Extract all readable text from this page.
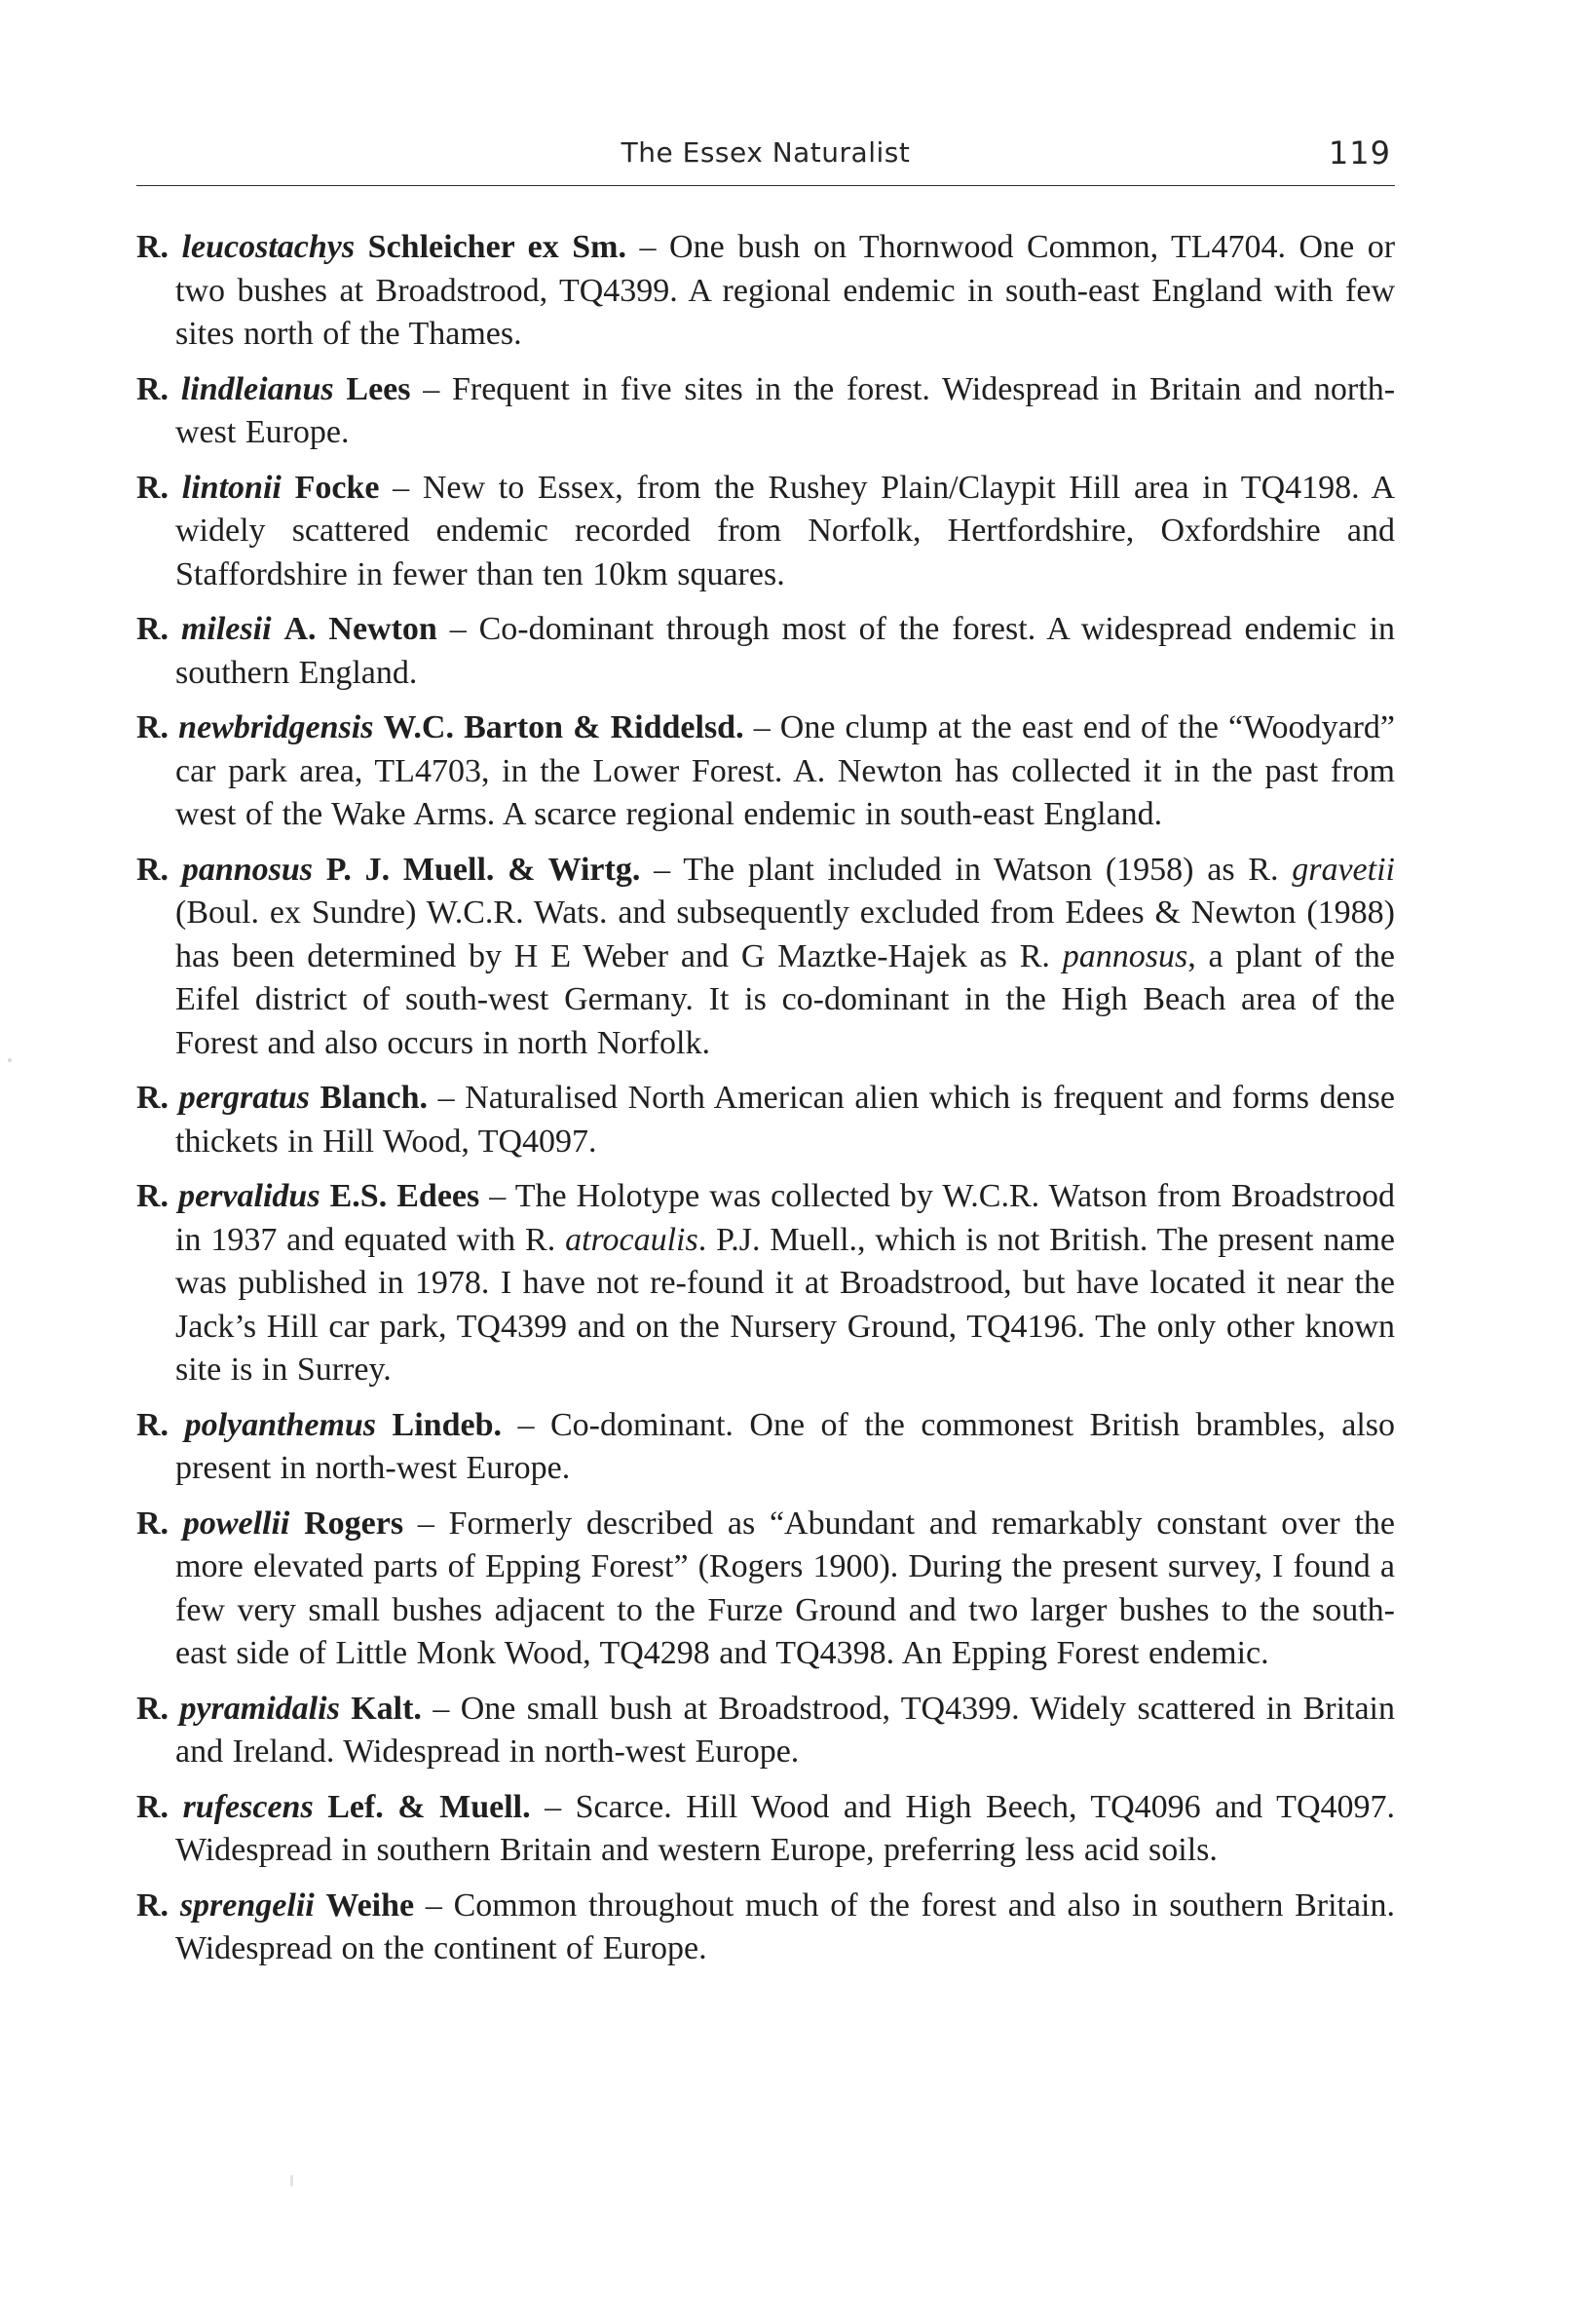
The Essex Naturalist	119

R. leucostachys Schleicher ex Sm. – One bush on Thornwood Common, TL4704. One or two bushes at Broadstrood, TQ4399. A regional endemic in south-east England with few sites north of the Thames.

R. lindleianus Lees – Frequent in five sites in the forest. Widespread in Britain and north-west Europe.

R. lintonii Focke – New to Essex, from the Rushey Plain/Claypit Hill area in TQ4198. A widely scattered endemic recorded from Norfolk, Hertfordshire, Oxfordshire and Staffordshire in fewer than ten 10km squares.

R. milesii A. Newton – Co-dominant through most of the forest. A widespread endemic in southern England.

R. newbridgensis W.C. Barton & Riddelsd. – One clump at the east end of the “Woodyard” car park area, TL4703, in the Lower Forest. A. Newton has collected it in the past from west of the Wake Arms. A scarce regional endemic in south-east England.

R. pannosus P. J. Muell. & Wirtg. – The plant included in Watson (1958) as R. gravetii (Boul. ex Sundre) W.C.R. Wats. and subsequently excluded from Edees & Newton (1988) has been determined by H E Weber and G Maztke-Hajek as R. pannosus, a plant of the Eifel district of south-west Germany. It is co-dominant in the High Beach area of the Forest and also occurs in north Norfolk.

R. pergratus Blanch. – Naturalised North American alien which is frequent and forms dense thickets in Hill Wood, TQ4097.

R. pervalidus E.S. Edees – The Holotype was collected by W.C.R. Watson from Broadstrood in 1937 and equated with R. atrocaulis. P.J. Muell., which is not British. The present name was published in 1978. I have not re-found it at Broadstrood, but have located it near the Jack’s Hill car park, TQ4399 and on the Nursery Ground, TQ4196. The only other known site is in Surrey.

R. polyanthemus Lindeb. – Co-dominant. One of the commonest British brambles, also present in north-west Europe.

R. powellii Rogers – Formerly described as “Abundant and remarkably constant over the more elevated parts of Epping Forest” (Rogers 1900). During the present survey, I found a few very small bushes adjacent to the Furze Ground and two larger bushes to the south-east side of Little Monk Wood, TQ4298 and TQ4398. An Epping Forest endemic.

R. pyramidalis Kalt. – One small bush at Broadstrood, TQ4399. Widely scattered in Britain and Ireland. Widespread in north-west Europe.

R. rufescens Lef. & Muell. – Scarce. Hill Wood and High Beech, TQ4096 and TQ4097. Widespread in southern Britain and western Europe, preferring less acid soils.

R. sprengelii Weihe – Common throughout much of the forest and also in southern Britain. Widespread on the continent of Europe.
